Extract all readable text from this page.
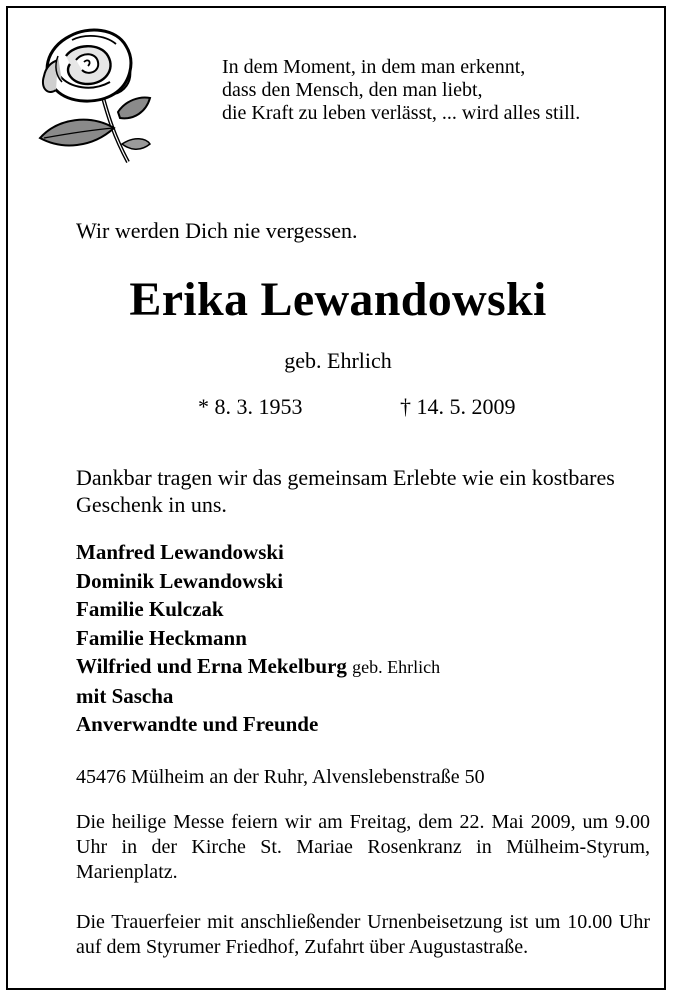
In dem Moment, in dem man erkennt,
dass den Mensch, den man liebt,
die Kraft zu leben verlässt, ... wird alles still.
Wir werden Dich nie vergessen.
Erika Lewandowski
geb. Ehrlich
* 8. 3. 1953	† 14. 5. 2009
Dankbar tragen wir das gemeinsam Erlebte wie ein kostbares Geschenk in uns.
Manfred Lewandowski
Dominik Lewandowski
Familie Kulczak
Familie Heckmann
Wilfried und Erna Mekelburg geb. Ehrlich
mit Sascha
Anverwandte und Freunde
45476 Mülheim an der Ruhr, Alvenslebenstraße 50
Die heilige Messe feiern wir am Freitag, dem 22. Mai 2009, um 9.00 Uhr in der Kirche St. Mariae Rosenkranz in Mülheim-Styrum, Marienplatz.
Die Trauerfeier mit anschließender Urnenbeisetzung ist um 10.00 Uhr auf dem Styrumer Friedhof, Zufahrt über Augustastraße.
